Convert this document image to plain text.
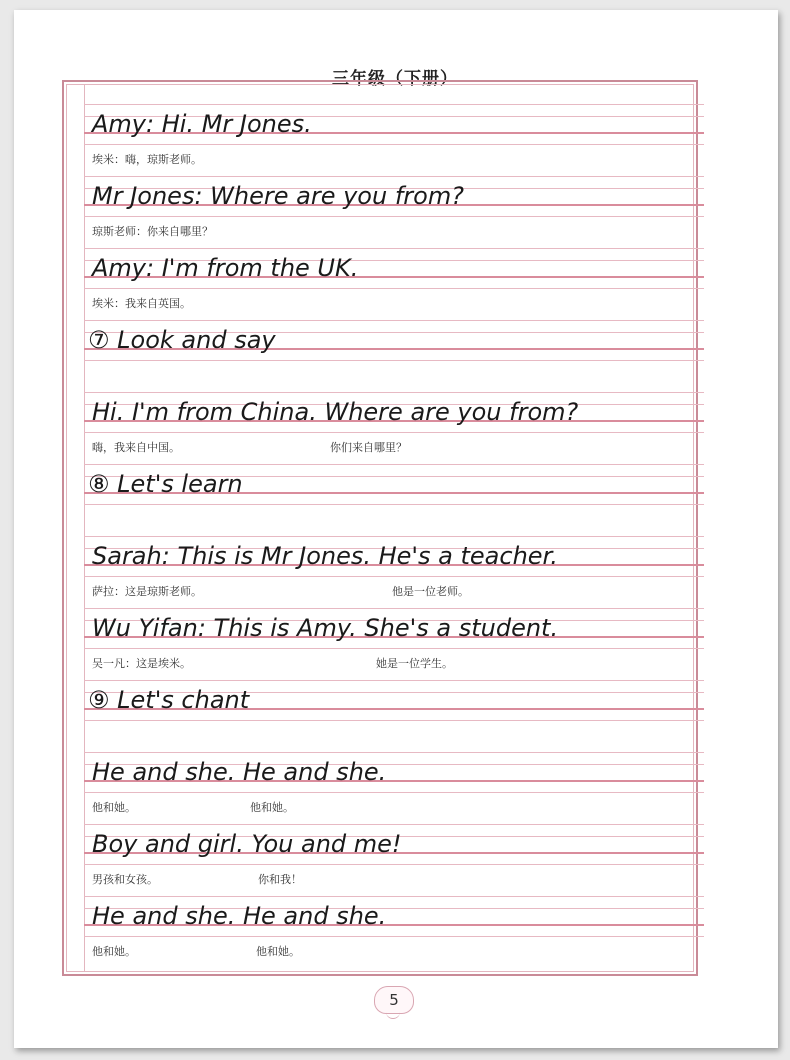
三年级（下册）
Amy: Hi. Mr Jones.
埃米：嗨，琼斯老师。
Mr Jones: Where are you from?
琼斯老师：你来自哪里？
Amy: I'm from the UK.
埃米：我来自英国。
⑦ Look and say
Hi. I'm from China. Where are you from?
嗨，我来自中国。	你们来自哪里？
⑧ Let's learn
Sarah: This is Mr Jones. He's a teacher.
萨拉：这是琼斯老师。	他是一位老师。
Wu Yifan: This is Amy. She's a student.
吴一凡：这是埃米。	她是一位学生。
⑨ Let's chant
He and she. He and she.
他和她。	他和她。
Boy and girl. You and me!
男孩和女孩。	你和我！
He and she. He and she.
他和她。	他和她。
5
